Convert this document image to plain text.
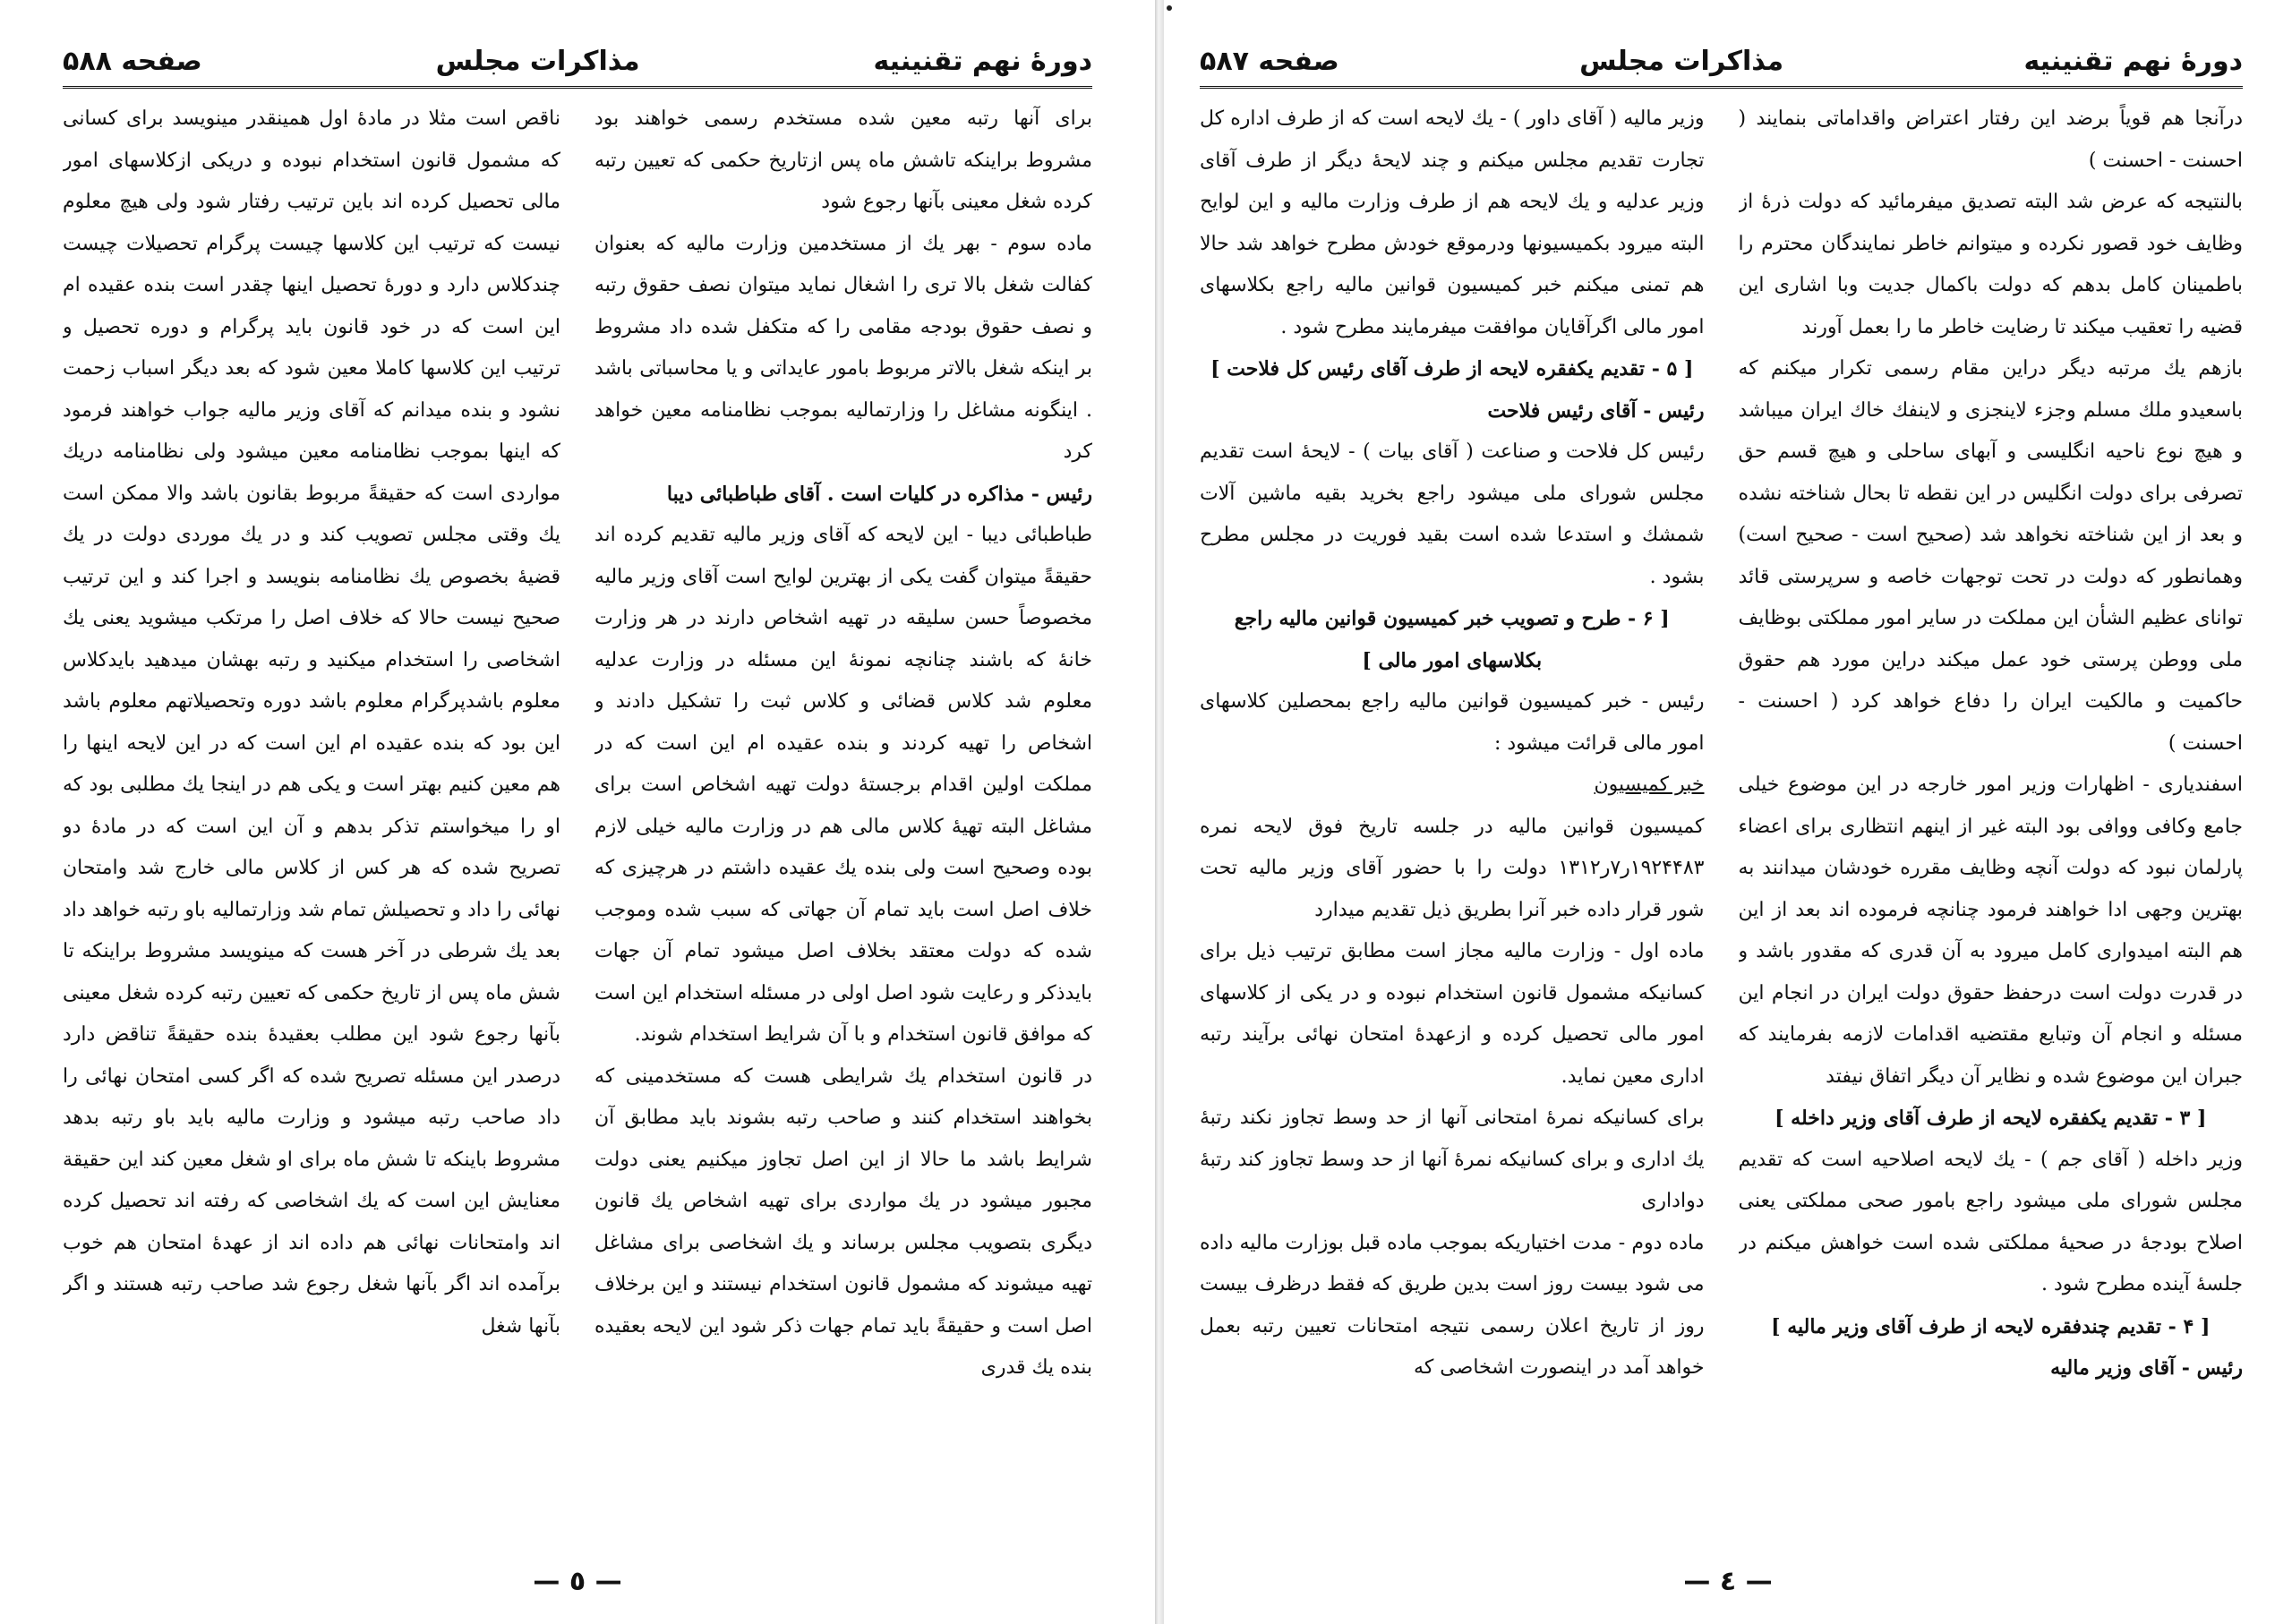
دورهٔ نهم تقنینیه
مذاکرات مجلس
صفحه ۵۸۸

برای آنها رتبه معین شده مستخدم رسمی خواهند بود مشروط براینکه تاشش ماه پس ازتاریخ حکمی که تعیین رتبه کرده شغل معینی بآنها رجوع شود

ماده سوم - بهر یك از مستخدمین وزارت مالیه که بعنوان کفالت شغل بالا تری را اشغال نماید میتوان نصف حقوق رتبه و نصف حقوق بودجه مقامی را که متکفل شده داد مشروط بر اینکه شغل بالاتر مربوط بامور عایداتی و یا محاسباتی باشد . اینگونه مشاغل را وزارتمالیه بموجب نظامنامه معین خواهد کرد

رئیس - مذاکره در کلیات است . آقای طباطبائی دیبا

طباطبائی دیبا - این لایحه که آقای وزیر مالیه تقدیم کرده اند حقیقةً میتوان گفت یکی از بهترین لوایح است آقای وزیر مالیه مخصوصاً حسن سلیقه در تهیه اشخاص دارند در هر وزارت خانهٔ که باشند چنانچه نمونهٔ این مسئله در وزارت عدلیه معلوم شد کلاس قضائی و کلاس ثبت را تشکیل دادند و اشخاص را تهیه کردند و بنده عقیده ام این است که در مملکت اولین اقدام برجستهٔ دولت تهیه اشخاص است برای مشاغل البته تهیهٔ کلاس مالی هم در وزارت مالیه خیلی لازم بوده وصحیح است ولی بنده یك عقیده داشتم در هرچیزی که خلاف اصل است باید تمام آن جهاتی که سبب شده وموجب شده که دولت معتقد بخلاف اصل میشود تمام آن جهات بایدذکر و رعایت شود اصل اولی در مسئله استخدام این است که موافق قانون استخدام و با آن شرایط استخدام شوند.

در قانون استخدام یك شرایطی هست که مستخدمینی که بخواهند استخدام کنند و صاحب رتبه بشوند باید مطابق آن شرایط باشد ما حالا از این اصل تجاوز میکنیم یعنی دولت مجبور میشود در یك مواردی برای تهیه اشخاص یك قانون دیگری بتصویب مجلس برساند و یك اشخاصی برای مشاغل تهیه میشوند که مشمول قانون استخدام نیستند و این برخلاف اصل است و حقیقةً باید تمام جهات ذکر شود این لایحه بعقیده بنده یك قدری

ناقص است مثلا در مادهٔ اول همینقدر مینویسد برای کسانی که مشمول قانون استخدام نبوده و دریکی ازکلاسهای امور مالی تحصیل کرده اند باین ترتیب رفتار شود ولی هیچ معلوم نیست که ترتیب این کلاسها چیست پرگرام تحصیلات چیست چندکلاس دارد و دورهٔ تحصیل اینها چقدر است بنده عقیده ام این است که در خود قانون باید پرگرام و دوره تحصیل و ترتیب این کلاسها کاملا معین شود که بعد دیگر اسباب زحمت نشود و بنده میدانم که آقای وزیر مالیه جواب خواهند فرمود که اینها بموجب نظامنامه معین میشود ولی نظامنامه دریك مواردی است که حقیقةً مربوط بقانون باشد والا ممکن است یك وقتی مجلس تصویب کند و در یك موردی دولت در یك قضیهٔ بخصوص یك نظامنامه بنویسد و اجرا کند و این ترتیب صحیح نیست حالا که خلاف اصل را مرتکب میشوید یعنی یك اشخاصی را استخدام میکنید و رتبه بهشان میدهید بایدکلاس معلوم باشدپرگرام معلوم باشد دوره وتحصیلاتهم معلوم باشد این بود که بنده عقیده ام این است که در این لایحه اینها را هم معین کنیم بهتر است و یکی هم در اینجا یك مطلبی بود که او را میخواستم تذکر بدهم و آن این است که در مادهٔ دو تصریح شده که هر کس از کلاس مالی خارج شد وامتحان نهائی را داد و تحصیلش تمام شد وزارتمالیه باو رتبه خواهد داد بعد یك شرطی در آخر هست که مینویسد مشروط براینکه تا شش ماه پس از تاریخ حکمی که تعیین رتبه کرده شغل معینی بآنها رجوع شود این مطلب بعقیدهٔ بنده حقیقةً تناقض دارد درصدر این مسئله تصریح شده که اگر کسی امتحان نهائی را داد صاحب رتبه میشود و وزارت مالیه باید باو رتبه بدهد مشروط باینکه تا شش ماه برای او شغل معین کند این حقیقة معنایش این است که یك اشخاصی که رفته اند تحصیل کرده اند وامتحانات نهائی هم داده اند از عهدهٔ امتحان هم خوب برآمده اند اگر بآنها شغل رجوع شد صاحب رتبه هستند و اگر بآنها شغل

— ٥ —
دورهٔ نهم تقنینیه
مذاکرات مجلس
صفحه ۵۸۷

درآنجا هم قویاً برضد این رفتار اعتراض واقداماتی بنمایند ( احسنت - احسنت )

بالنتیجه که عرض شد البته تصدیق میفرمائید که دولت ذرهٔ از وظایف خود قصور نکرده و میتوانم خاطر نمایندگان محترم را باطمینان کامل بدهم که دولت باکمال جدیت وبا اشاری این قضیه را تعقیب میکند تا رضایت خاطر ما را بعمل آورند

بازهم یك مرتبه دیگر دراین مقام رسمی تکرار میکنم که باسعیدو ملك مسلم وجزء لاینجزی و لاینفك خاك ایران میباشد و هیچ نوع ناحیه انگلیسی و آبهای ساحلی و هیچ قسم حق تصرفی برای دولت انگلیس در این نقطه تا بحال شناخته نشده و بعد از این شناخته نخواهد شد (صحیح است - صحیح است) وهمانطور که دولت در تحت توجهات خاصه و سرپرستی قائد توانای عظیم الشأن این مملکت در سایر امور مملکتی بوظایف ملی ووطن پرستی خود عمل میکند دراین مورد هم حقوق حاکمیت و مالکیت ایران را دفاع خواهد کرد ( احسنت - احسنت )

اسفندیاری - اظهارات وزیر امور خارجه در این موضوع خیلی جامع وکافی ووافی بود البته غیر از اینهم انتظاری برای اعضاء پارلمان نبود که دولت آنچه وظایف مقرره خودشان میدانند به بهترین وجهی ادا خواهند فرمود چنانچه فرموده اند بعد از این هم البته امیدواری کامل میرود به آن قدری که مقدور باشد و در قدرت دولت است درحفظ حقوق دولت ایران در انجام این مسئله و انجام آن وتبایع مقتضیه اقدامات لازمه بفرمایند که جبران این موضوع شده و نظایر آن دیگر اتفاق نیفتد

[ ۳ - تقدیم یکفقره لایحه از طرف آقای وزیر داخله ]

وزیر داخله ( آقای جم ) - یك لایحه اصلاحیه است که تقدیم مجلس شورای ملی میشود راجع بامور صحی مملکتی یعنی اصلاح بودجهٔ در صحیهٔ مملکتی شده است خواهش میکنم در جلسهٔ آینده مطرح شود .

[ ۴ - تقدیم چندفقره لایحه از طرف آقای وزیر مالیه ]

رئیس - آقای وزیر مالیه

وزیر مالیه ( آقای داور ) - یك لایحه است که از طرف اداره کل تجارت تقدیم مجلس میکنم و چند لایحهٔ دیگر از طرف آقای وزیر عدلیه و یك لایحه هم از طرف وزارت مالیه و این لوایح البته میرود بکمیسیونها ودرموقع خودش مطرح خواهد شد حالا هم تمنی میکنم خبر کمیسیون قوانین مالیه راجع بکلاسهای امور مالی اگرآقایان موافقت میفرمایند مطرح شود .

[ ۵ - تقدیم یکفقره لایحه از طرف آقای رئیس کل فلاحت ]

رئیس - آقای رئیس فلاحت

رئیس کل فلاحت و صناعت ( آقای بیات ) - لایحهٔ است تقدیم مجلس شورای ملی میشود راجع بخرید بقیه ماشین آلات شمشك و استدعا شده است بقید فوریت در مجلس مطرح بشود .

[ ۶ - طرح و تصویب خبر کمیسیون قوانین مالیه راجع بکلاسهای امور مالی ]

رئیس - خبر کمیسیون قوانین مالیه راجع بمحصلین کلاسهای امور مالی قرائت میشود :

خبر کمیسیون

کمیسیون قوانین مالیه در جلسه تاریخ فوق لایحه نمره ۱۹۲۴۴۸۳ر۷ر۱۳۱۲ دولت را با حضور آقای وزیر مالیه تحت شور قرار داده خبر آنرا بطریق ذیل تقدیم میدارد

ماده اول - وزارت مالیه مجاز است مطابق ترتیب ذیل برای کسانیکه مشمول قانون استخدام نبوده و در یکی از کلاسهای امور مالی تحصیل کرده و ازعهدهٔ امتحان نهائی برآیند رتبه اداری معین نماید.

برای کسانیکه نمرهٔ امتحانی آنها از حد وسط تجاوز نکند رتبهٔ یك اداری و برای کسانیکه نمرهٔ آنها از حد وسط تجاوز کند رتبهٔ دواداری

ماده دوم - مدت اختیاریکه بموجب ماده قبل بوزارت مالیه داده می شود بیست روز است بدین طریق که فقط درظرف بیست روز از تاریخ اعلان رسمی نتیجه امتحانات تعیین رتبه بعمل خواهد آمد در اینصورت اشخاصی که

— ٤ —
